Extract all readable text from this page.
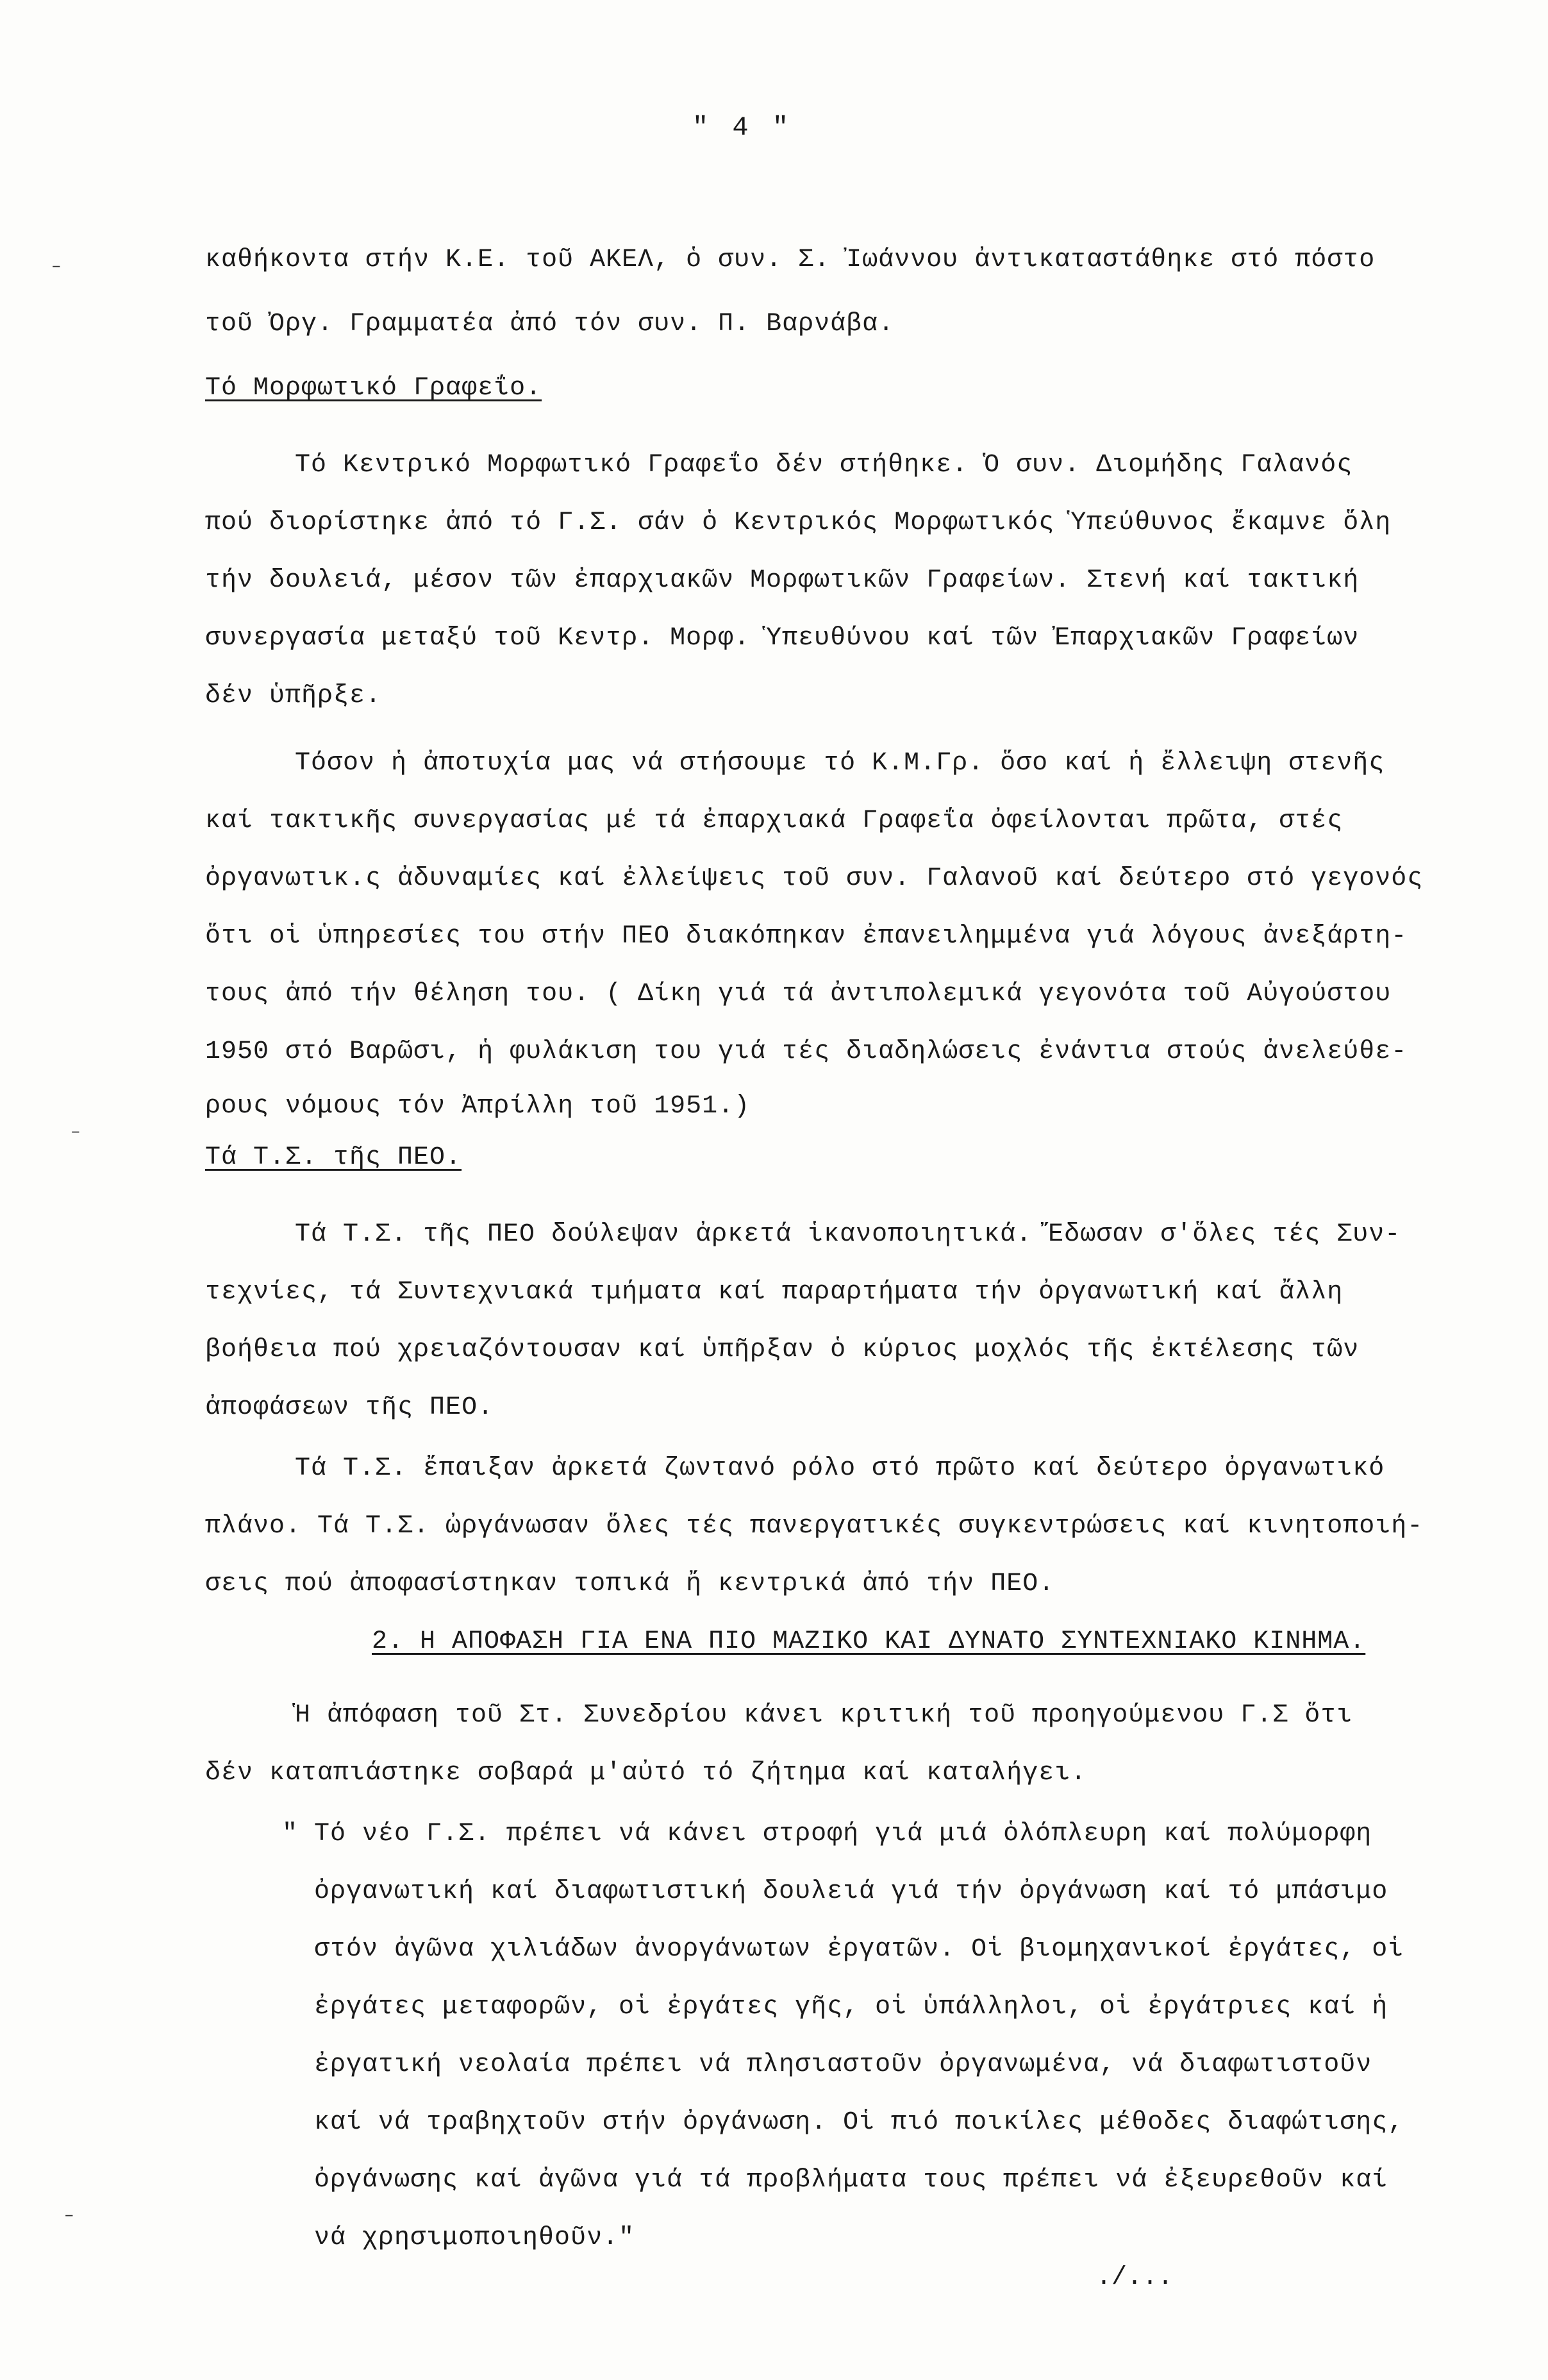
" 4 "
καθήκοντα στήν Κ.Ε. τοῦ ΑΚΕΛ, ὁ συν. Σ. Ἰωάννου ἀντικαταστάθηκε στό πόστο
τοῦ Ὀργ. Γραμματέα ἀπό τόν συν. Π. Βαρνάβα.
Τό Μορφωτικό Γραφεΐο.
Τό Κεντρικό Μορφωτικό Γραφεΐο δέν στήθηκε. Ὁ συν. Διομήδης Γαλανός
πού διορίστηκε ἀπό τό Γ.Σ. σάν ὁ Κεντρικός Μορφωτικός Ὑπεύθυνος ἔκαμνε ὅλη
τήν δουλειά, μέσον τῶν ἐπαρχιακῶν Μορφωτικῶν Γραφείων. Στενή καί τακτική
συνεργασία μεταξύ τοῦ Κεντρ. Μορφ. Ὑπευθύνου καί τῶν Ἐπαρχιακῶν Γραφείων
δέν ὑπῆρξε.
Τόσον ἡ ἀποτυχία μας νά στήσουμε τό Κ.Μ.Γρ. ὅσο καί ἡ ἔλλειψη στενῆς
καί τακτικῆς συνεργασίας μέ τά ἐπαρχιακά Γραφεΐα ὀφείλονται πρῶτα, στές
ὀργανωτικ.ς ἀδυναμίες καί ἐλλείψεις τοῦ συν. Γαλανοῦ καί δεύτερο στό γεγονός
ὅτι οἱ ὑπηρεσίες του στήν ΠΕΟ διακόπηκαν ἐπανειλημμένα γιά λόγους ἀνεξάρτη-
τους ἀπό τήν θέληση του. ( Δίκη γιά τά ἀντιπολεμικά γεγονότα τοῦ Αὐγούστου
1950 στό Βαρῶσι, ἡ φυλάκιση του γιά τές διαδηλώσεις ἐνάντια στούς ἀνελεύθε-
ρους νόμους τόν Ἀπρίλλη τοῦ 1951.)
Τά Τ.Σ. τῆς ΠΕΟ.
Τά Τ.Σ. τῆς ΠΕΟ δούλεψαν ἀρκετά ἱκανοποιητικά. Ἔδωσαν σ'ὅλες τές Συν-
τεχνίες, τά Συντεχνιακά τμήματα καί παραρτήματα τήν ὀργανωτική καί ἄλλη
βοήθεια πού χρειαζόντουσαν καί ὑπῆρξαν ὁ κύριος μοχλός τῆς ἐκτέλεσης τῶν
ἀποφάσεων τῆς ΠΕΟ.
Τά Τ.Σ. ἔπαιξαν ἀρκετά ζωντανό ρόλο στό πρῶτο καί δεύτερο ὀργανωτικό
πλάνο. Τά Τ.Σ. ὠργάνωσαν ὅλες τές πανεργατικές συγκεντρώσεις καί κινητοποιή-
σεις πού ἀποφασίστηκαν τοπικά ἤ κεντρικά ἀπό τήν ΠΕΟ.
2. Η ΑΠΟΦΑΣΗ ΓΙΑ ΕΝΑ ΠΙΟ ΜΑΖΙΚΟ ΚΑΙ ΔΥΝΑΤΟ ΣΥΝΤΕΧΝΙΑΚΟ ΚΙΝΗΜΑ.
Ἡ ἀπόφαση τοῦ Στ. Συνεδρίου κάνει κριτική τοῦ προηγούμενου Γ.Σ ὅτι
δέν καταπιάστηκε σοβαρά μ'αὐτό τό ζήτημα καί καταλήγει.
" Τό νέο Γ.Σ. πρέπει νά κάνει στροφή γιά μιά ὁλόπλευρη καί πολύμορφη
ὀργανωτική καί διαφωτιστική δουλειά γιά τήν ὀργάνωση καί τό μπάσιμο
στόν ἀγῶνα χιλιάδων ἀνοργάνωτων ἐργατῶν. Οἱ βιομηχανικοί ἐργάτες, οἱ
ἐργάτες μεταφορῶν, οἱ ἐργάτες γῆς, οἱ ὑπάλληλοι, οἱ ἐργάτριες καί ἡ
ἐργατική νεολαία πρέπει νά πλησιαστοῦν ὀργανωμένα, νά διαφωτιστοῦν
καί νά τραβηχτοῦν στήν ὀργάνωση. Οἱ πιό ποικίλες μέθοδες διαφώτισης,
ὀργάνωσης καί ἀγῶνα γιά τά προβλήματα τους πρέπει νά ἐξευρεθοῦν καί
νά χρησιμοποιηθοῦν."
./...
–
–
–
